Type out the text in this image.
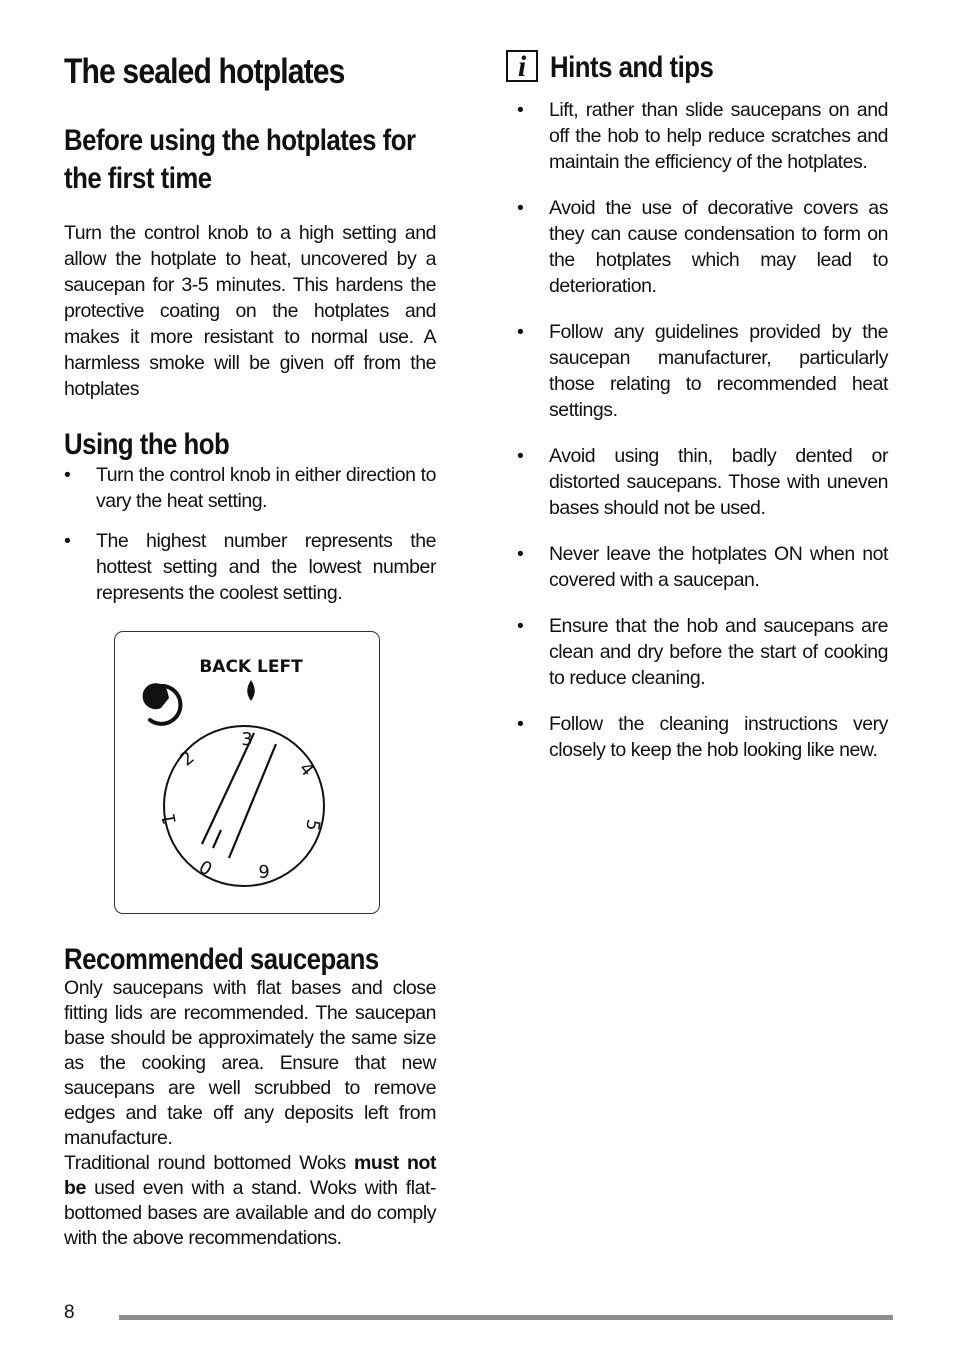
The sealed hotplates
Before using the hotplates for the first time

Turn the control knob to a high setting and allow the hotplate to heat, uncovered by a saucepan for 3-5 minutes. This hardens the protective coating on the hotplates and makes it more resistant to normal use. A harmless smoke will be given off from the hotplates

Using the hob
• Turn the control knob in either direction to vary the heat setting.
• The highest number represents the hottest setting and the lowest number represents the coolest setting.
BACK LEFT
3
2	4
1	5
0 6
Recommended saucepans

Only saucepans with flat bases and close fitting lids are recommended. The saucepan base should be approximately the same size as the cooking area. Ensure that new saucepans are well scrubbed to remove edges and take off any deposits left from manufacture.

Traditional round bottomed Woks must not be used even with a stand. Woks with flat-bottomed bases are available and do comply with the above recommendations.

i Hints and tips
• Lift, rather than slide saucepans on and off the hob to help reduce scratches and maintain the efficiency of the hotplates.
• Avoid the use of decorative covers as they can cause condensation to form on the hotplates which may lead to deterioration.
• Follow any guidelines provided by the saucepan manufacturer, particularly those relating to recommended heat settings.
• Avoid using thin, badly dented or distorted saucepans. Those with uneven bases should not be used.
• Never leave the hotplates ON when not covered with a saucepan.
• Ensure that the hob and saucepans are clean and dry before the start of cooking to reduce cleaning.
• Follow the cleaning instructions very closely to keep the hob looking like new.
8
